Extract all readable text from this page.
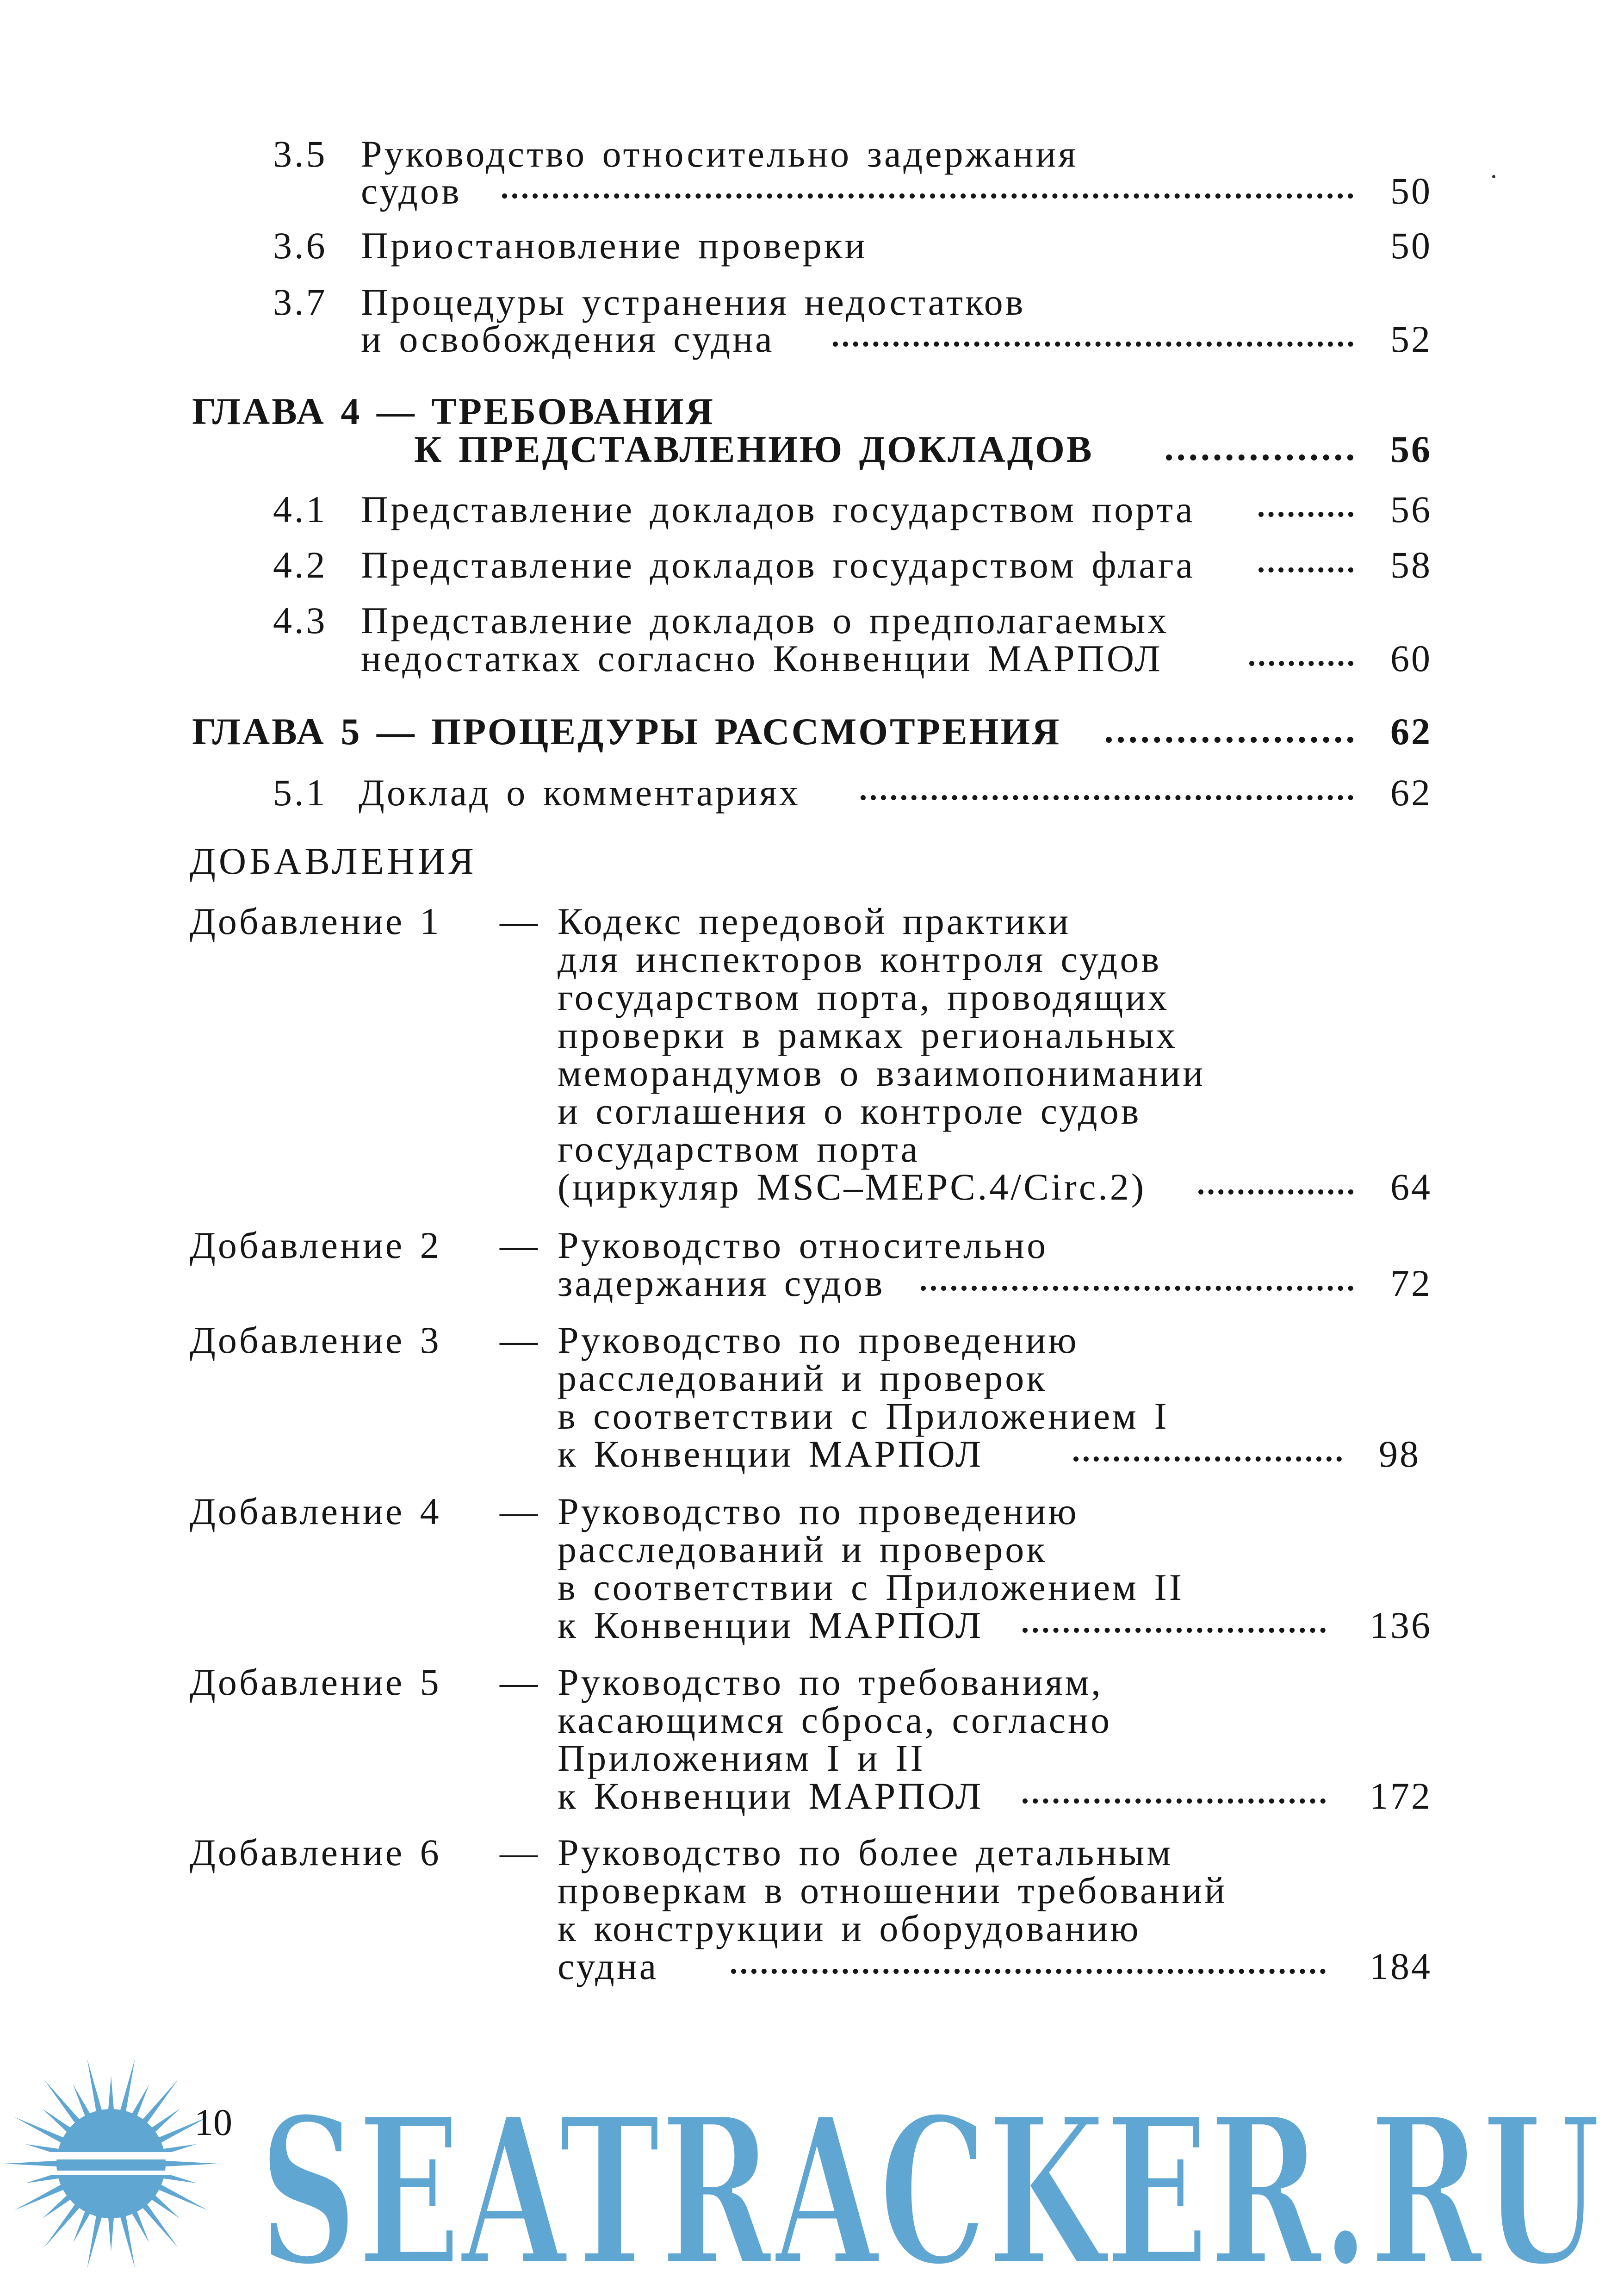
3.5 Руководство относительно задержания
судов	50
3.6 Приостановление проверки	50
3.7 Процедуры устранения недостатков
и освобождения судна	52
ГЛАВА 4 — ТРЕБОВАНИЯ
К ПРЕДСТАВЛЕНИЮ ДОКЛАДОВ	56
4.1 Представление докладов государством порта	56
4.2 Представление докладов государством флага	58
4.3 Представление докладов о предполагаемых
недостатках согласно Конвенции МАРПОЛ	60
ГЛАВА 5 — ПРОЦЕДУРЫ РАССМОТРЕНИЯ	62
5.1 Доклад о комментариях	62
ДОБАВЛЕНИЯ
Добавление 1 — Кодекс передовой практики
для инспекторов контроля судов
государством порта, проводящих
проверки в рамках региональных
меморандумов о взаимопонимании
и соглашения о контроле судов
государством порта
(циркуляр MSC–MEPC.4/Circ.2)	64
Добавление 2 — Руководство относительно
задержания судов	72
Добавление 3 — Руководство по проведению
расследований и проверок
в соответствии с Приложением I
к Конвенции МАРПОЛ	98
Добавление 4 — Руководство по проведению
расследований и проверок
в соответствии с Приложением II
к Конвенции МАРПОЛ	136
Добавление 5 — Руководство по требованиям,
касающимся сброса, согласно
Приложениям I и II
к Конвенции МАРПОЛ	172
Добавление 6 — Руководство по более детальным
проверкам в отношении требований
к конструкции и оборудованию
судна	184
10 SEATRACKER.RU
